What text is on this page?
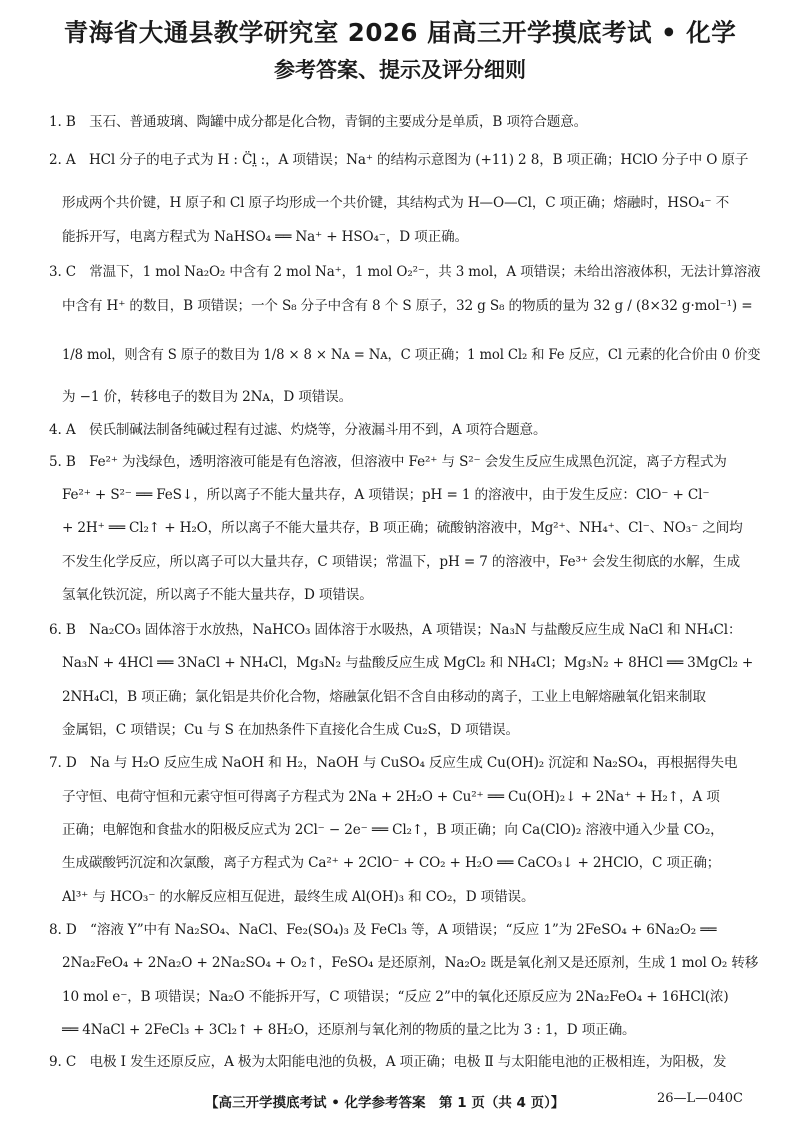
青海省大通县教学研究室 2026 届高三开学摸底考试 • 化学
参考答案、提示及评分细则
1. B　玉石、普通玻璃、陶罐中成分都是化合物，青铜的主要成分是单质，B 项符合题意。
2. A　HCl 分子的电子式为 H : C̈l̤ :，A 项错误；Na⁺ 的结构示意图为 (+11) 2 8，B 项正确；HClO 分子中 O 原子
形成两个共价键，H 原子和 Cl 原子均形成一个共价键，其结构式为 H—O—Cl，C 项正确；熔融时，HSO₄⁻ 不
能拆开写，电离方程式为 NaHSO₄ ══ Na⁺ + HSO₄⁻，D 项正确。
3. C　常温下，1 mol Na₂O₂ 中含有 2 mol Na⁺，1 mol O₂²⁻，共 3 mol，A 项错误；未给出溶液体积，无法计算溶液
中含有 H⁺ 的数目，B 项错误；一个 S₈ 分子中含有 8 个 S 原子，32 g S₈ 的物质的量为 32 g / (8×32 g·mol⁻¹) =
1/8 mol，则含有 S 原子的数目为 1/8 × 8 × Nᴀ = Nᴀ，C 项正确；1 mol Cl₂ 和 Fe 反应，Cl 元素的化合价由 0 价变
为 −1 价，转移电子的数目为 2Nᴀ，D 项错误。
4. A　侯氏制碱法制备纯碱过程有过滤、灼烧等，分液漏斗用不到，A 项符合题意。
5. B　Fe²⁺ 为浅绿色，透明溶液可能是有色溶液，但溶液中 Fe²⁺ 与 S²⁻ 会发生反应生成黑色沉淀，离子方程式为
Fe²⁺ + S²⁻ ══ FeS↓，所以离子不能大量共存，A 项错误；pH = 1 的溶液中，由于发生反应：ClO⁻ + Cl⁻
+ 2H⁺ ══ Cl₂↑ + H₂O，所以离子不能大量共存，B 项正确；硫酸钠溶液中，Mg²⁺、NH₄⁺、Cl⁻、NO₃⁻ 之间均
不发生化学反应，所以离子可以大量共存，C 项错误；常温下，pH = 7 的溶液中，Fe³⁺ 会发生彻底的水解，生成
氢氧化铁沉淀，所以离子不能大量共存，D 项错误。
6. B　Na₂CO₃ 固体溶于水放热，NaHCO₃ 固体溶于水吸热，A 项错误；Na₃N 与盐酸反应生成 NaCl 和 NH₄Cl：
Na₃N + 4HCl ══ 3NaCl + NH₄Cl，Mg₃N₂ 与盐酸反应生成 MgCl₂ 和 NH₄Cl；Mg₃N₂ + 8HCl ══ 3MgCl₂ +
2NH₄Cl，B 项正确；氯化铝是共价化合物，熔融氯化铝不含自由移动的离子，工业上电解熔融氧化铝来制取
金属铝，C 项错误；Cu 与 S 在加热条件下直接化合生成 Cu₂S，D 项错误。
7. D　Na 与 H₂O 反应生成 NaOH 和 H₂，NaOH 与 CuSO₄ 反应生成 Cu(OH)₂ 沉淀和 Na₂SO₄，再根据得失电
子守恒、电荷守恒和元素守恒可得离子方程式为 2Na + 2H₂O + Cu²⁺ ══ Cu(OH)₂↓ + 2Na⁺ + H₂↑，A 项
正确；电解饱和食盐水的阳极反应式为 2Cl⁻ − 2e⁻ ══ Cl₂↑，B 项正确；向 Ca(ClO)₂ 溶液中通入少量 CO₂，
生成碳酸钙沉淀和次氯酸，离子方程式为 Ca²⁺ + 2ClO⁻ + CO₂ + H₂O ══ CaCO₃↓ + 2HClO，C 项正确；
Al³⁺ 与 HCO₃⁻ 的水解反应相互促进，最终生成 Al(OH)₃ 和 CO₂，D 项错误。
8. D　“溶液 Y”中有 Na₂SO₄、NaCl、Fe₂(SO₄)₃ 及 FeCl₃ 等，A 项错误；“反应 1”为 2FeSO₄ + 6Na₂O₂ ══
2Na₂FeO₄ + 2Na₂O + 2Na₂SO₄ + O₂↑，FeSO₄ 是还原剂，Na₂O₂ 既是氧化剂又是还原剂，生成 1 mol O₂ 转移
10 mol e⁻，B 项错误；Na₂O 不能拆开写，C 项错误；“反应 2”中的氧化还原反应为 2Na₂FeO₄ + 16HCl(浓)
══ 4NaCl + 2FeCl₃ + 3Cl₂↑ + 8H₂O，还原剂与氧化剂的物质的量之比为 3 : 1，D 项正确。
9. C　电极 Ⅰ 发生还原反应，A 极为太阳能电池的负极，A 项正确；电极 Ⅱ 与太阳能电池的正极相连，为阳极，发
【高三开学摸底考试 • 化学参考答案　第 1 页（共 4 页）】	26—L—040C
